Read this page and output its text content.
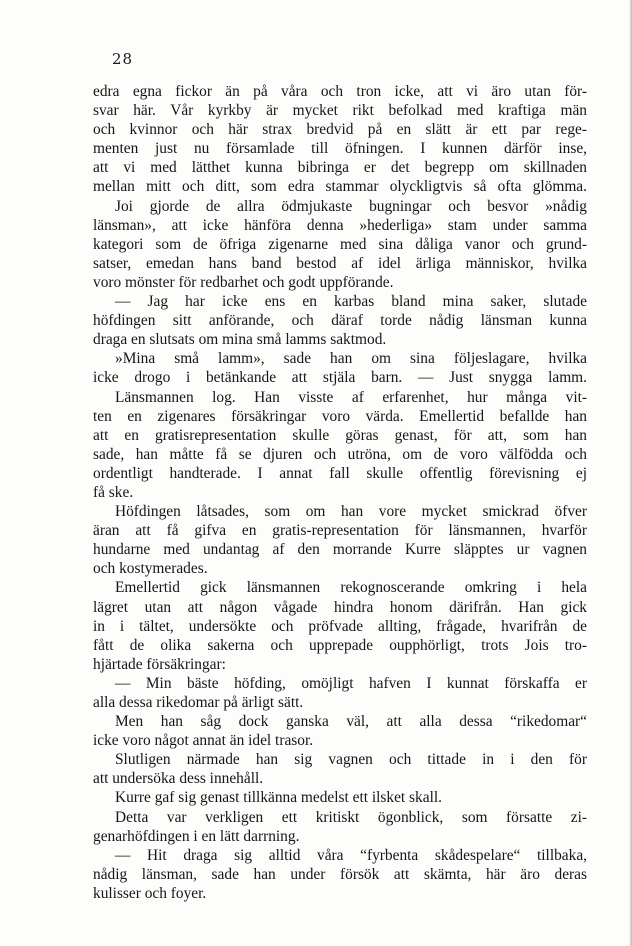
28
edra egna fickor än på våra och tron icke, att vi äro utan för-
svar här. Vår kyrkby är mycket rikt befolkad med kraftiga män
och kvinnor och här strax bredvid på en slätt är ett par rege-
menten just nu församlade till öfningen. I kunnen därför inse,
att vi med lätthet kunna bibringa er det begrepp om skillnaden
mellan mitt och ditt, som edra stammar olyckligtvis så ofta glömma.
Joi gjorde de allra ödmjukaste bugningar och besvor »nådig
länsman», att icke hänföra denna »hederliga» stam under samma
kategori som de öfriga zigenarne med sina dåliga vanor och grund-
satser, emedan hans band bestod af idel ärliga människor, hvilka
voro mönster för redbarhet och godt uppförande.
— Jag har icke ens en karbas bland mina saker, slutade
höfdingen sitt anförande, och däraf torde nådig länsman kunna
draga en slutsats om mina små lamms saktmod.
»Mina små lamm», sade han om sina följeslagare, hvilka
icke drogo i betänkande att stjäla barn. — Just snygga lamm.
Länsmannen log. Han visste af erfarenhet, hur många vit-
ten en zigenares försäkringar voro värda. Emellertid befallde han
att en gratisrepresentation skulle göras genast, för att, som han
sade, han måtte få se djuren och utröna, om de voro välfödda och
ordentligt handterade. I annat fall skulle offentlig förevisning ej
få ske.
Höfdingen låtsades, som om han vore mycket smickrad öfver
äran att få gifva en gratis-representation för länsmannen, hvarför
hundarne med undantag af den morrande Kurre släpptes ur vagnen
och kostymerades.
Emellertid gick länsmannen rekognoscerande omkring i hela
lägret utan att någon vågade hindra honom därifrån. Han gick
in i tältet, undersökte och pröfvade allting, frågade, hvarifrån de
fått de olika sakerna och upprepade oupphörligt, trots Jois tro-
hjärtade försäkringar:
— Min bäste höfding, omöjligt hafven I kunnat förskaffa er
alla dessa rikedomar på ärligt sätt.
Men han såg dock ganska väl, att alla dessa “rikedomar“
icke voro något annat än idel trasor.
Slutligen närmade han sig vagnen och tittade in i den för
att undersöka dess innehåll.
Kurre gaf sig genast tillkänna medelst ett ilsket skall.
Detta var verkligen ett kritiskt ögonblick, som försatte zi-
genarhöfdingen i en lätt darrning.
— Hit draga sig alltid våra “fyrbenta skådespelare“ tillbaka,
nådig länsman, sade han under försök att skämta, här äro deras
kulisser och foyer.
